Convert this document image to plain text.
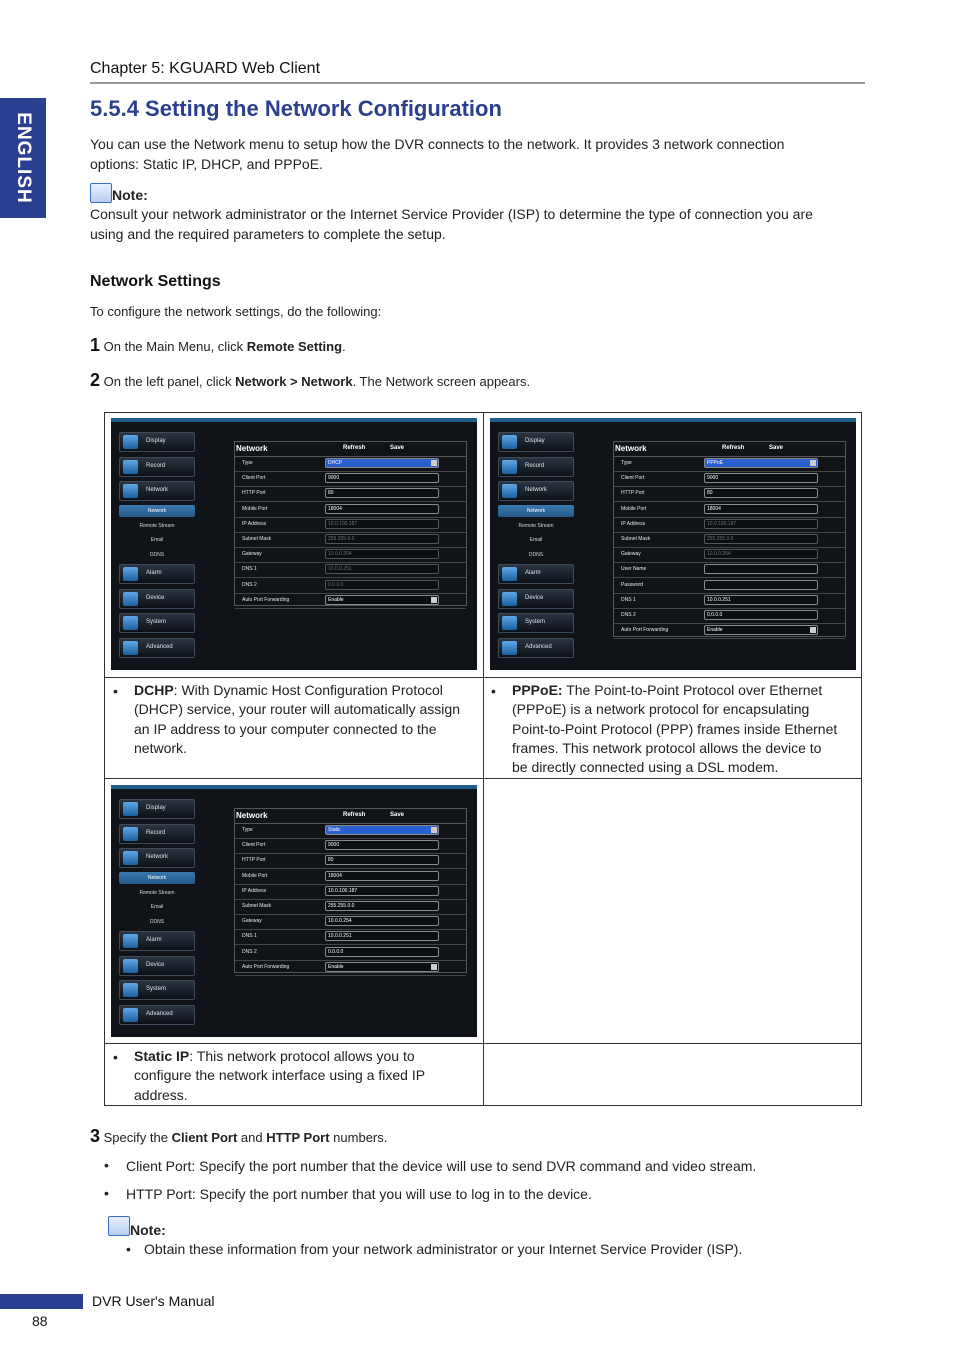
ENGLISH
Chapter 5: KGUARD Web Client
5.5.4 Setting the Network Configuration

You can use the Network menu to setup how the DVR connects to the network. It provides 3 network connection

options: Static IP, DHCP, and PPPoE.

Note:

Consult your network administrator or the Internet Service Provider (ISP) to determine the type of connection you are

using and the required parameters to complete the setup.

Network Settings

To configure the network settings, do the following:

1 On the Main Menu, click Remote Setting.
2 On the left panel, click Network > Network. The Network screen appears.
Network	Refresh	Save
Type	DHCP
Client Port	9000
HTTP Port	80
Mobile Port	18004
IP Address	10.0.100.187
Subnet Mask	255.255.0.0
Gateway	10.0.0.254
DNS 1	10.0.0.251
DNS 2	0.0.0.0
Auto Port Forwarding	Enable
Display
Record
Network
Network
Remote Stream
Email
DDNS
Alarm
Device
System
Advanced
Network	Refresh	Save
Type	PPPoE
Client Port	9000
HTTP Port	80
Mobile Port	18004
IP Address	10.0.100.187
Subnet Mask	255.255.0.0
Gateway	10.0.0.254
User Name
Password
DNS 1	10.0.0.251
DNS 2	0.0.0.0
Auto Port Forwarding	Enable
Display
Record
Network
Network
Remote Stream
Email
DDNS
Alarm
Device
System
Advanced
• DCHP: With Dynamic Host Configuration Protocol
(DHCP) service, your router will automatically assign
an IP address to your computer connected to the
network.
• PPPoE: The Point-to-Point Protocol over Ethernet
(PPPoE) is a network protocol for encapsulating
Point-to-Point Protocol (PPP) frames inside Ethernet
frames. This network protocol allows the device to
be directly connected using a DSL modem.
Network	Refresh	Save
Type	Static
Client Port	9000
HTTP Port	80
Mobile Port	18004
IP Address	10.0.100.187
Subnet Mask	255.255.0.0
Gateway	10.0.0.254
DNS 1	10.0.0.251
DNS 2	0.0.0.0
Auto Port Forwarding	Enable
Display
Record
Network
Network
Remote Stream
Email
DDNS
Alarm
Device
System
Advanced
• Static IP: This network protocol allows you to
configure the network interface using a fixed IP
address.
3 Specify the Client Port and HTTP Port numbers.
• Client Port: Specify the port number that the device will use to send DVR command and video stream.

• HTTP Port: Specify the port number that you will use to log in to the device.

Note:
• Obtain these information from your network administrator or your Internet Service Provider (ISP).

DVR User's Manual
88
